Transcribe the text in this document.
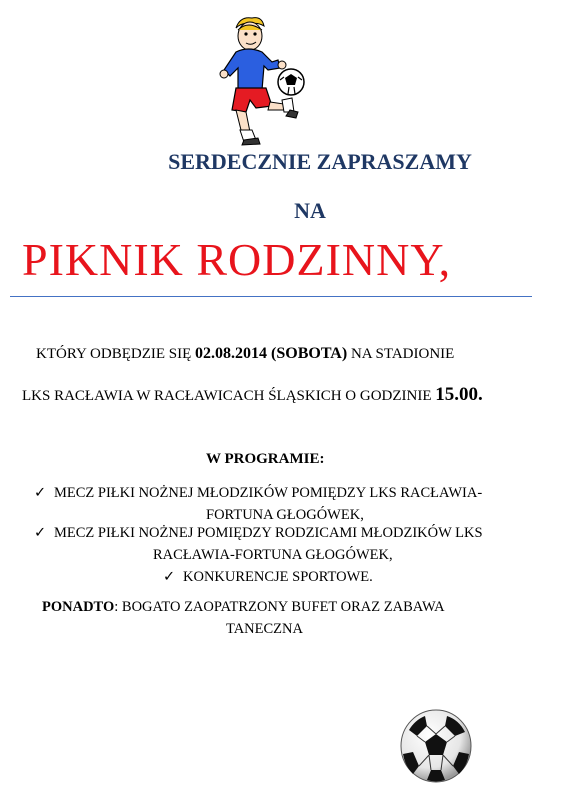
SERDECZNIE ZAPRASZAMY
NA
PIKNIK RODZINNY,
KTÓRY ODBĘDZIE SIĘ 02.08.2014 (SOBOTA) NA STADIONIE
LKS RACŁAWIA W RACŁAWICACH ŚLĄSKICH O GODZINIE 15.00.
W PROGRAMIE:
✓ MECZ PIŁKI NOŻNEJ MŁODZIKÓW POMIĘDZY LKS RACŁAWIA-
FORTUNA GŁOGÓWEK,
✓ MECZ PIŁKI NOŻNEJ POMIĘDZY RODZICAMI MŁODZIKÓW LKS
RACŁAWIA-FORTUNA GŁOGÓWEK,
✓ KONKURENCJE SPORTOWE.
PONADTO: BOGATO ZAOPATRZONY BUFET ORAZ ZABAWA
TANECZNA
